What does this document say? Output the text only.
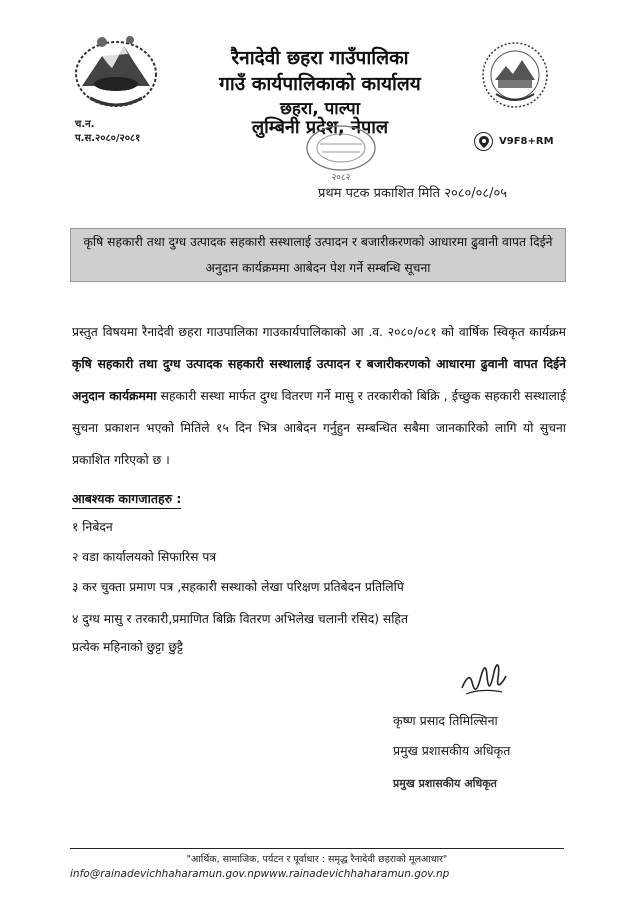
रैनादेवी छहरा गाउँपालिका
गाउँ कार्यपालिकाको कार्यालय
छहरा, पाल्पा
लुम्बिनी प्रदेश, नेपाल
च.न.
प.स.२०८०/२०८१	V9F8+RM
२०८२
प्रथम पटक प्रकाशित मिति २०८०/०८/०५
कृषि सहकारी तथा दुग्ध उत्पादक सहकारी सस्थालाई उत्पादन र बजारीकरणको आधारमा ढुवानी वापत दिईने अनुदान कार्यक्रममा आबेदन पेश गर्ने सम्बन्धि सूचना
प्रस्तुत विषयमा रैनादेवी छहरा गाउपालिका गाउकार्यपालिकाको आ .व. २०८०/०८१ को वार्षिक स्विकृत कार्यक्रम कृषि सहकारी तथा दुग्ध उत्पादक सहकारी सस्थालाई उत्पादन र बजारीकरणको आधारमा ढुवानी वापत दिईने अनुदान कार्यक्रममा सहकारी सस्था मार्फत दुग्ध वितरण गर्ने मासु र तरकारीको बिक्रि , ईच्छुक सहकारी सस्थालाई सुचना प्रकाशन भएको मितिले १५ दिन भित्र आबेदन गर्नुहुन सम्बन्धित सबैमा जानकारिको लागि यो सुचना प्रकाशित गरिएको छ ।
आबश्यक कागजातहरु :
१ निबेदन
२ वडा कार्यालयको सिफारिस पत्र
३ कर चुक्ता प्रमाण पत्र ,सहकारी सस्थाको लेखा परिक्षण प्रतिबेदन प्रतिलिपि
४ दुग्ध मासु र तरकारी,प्रमाणित बिक्रि वितरण अभिलेख चलानी रसिद) सहित
प्रत्येक महिनाको छुट्टा छुट्टै
कृष्ण प्रसाद तिमिल्सिना
प्रमुख प्रशासकीय अधिकृत
प्रमुख प्रशासकीय अधिकृत
"आर्थिक, सामाजिक, पर्यटन र पूर्वाधार : समृद्ध रैनादेवी छहराको मूलआधार"
info@rainadevichhaharamun.gov.npwww.rainadevichhaharamun.gov.np
